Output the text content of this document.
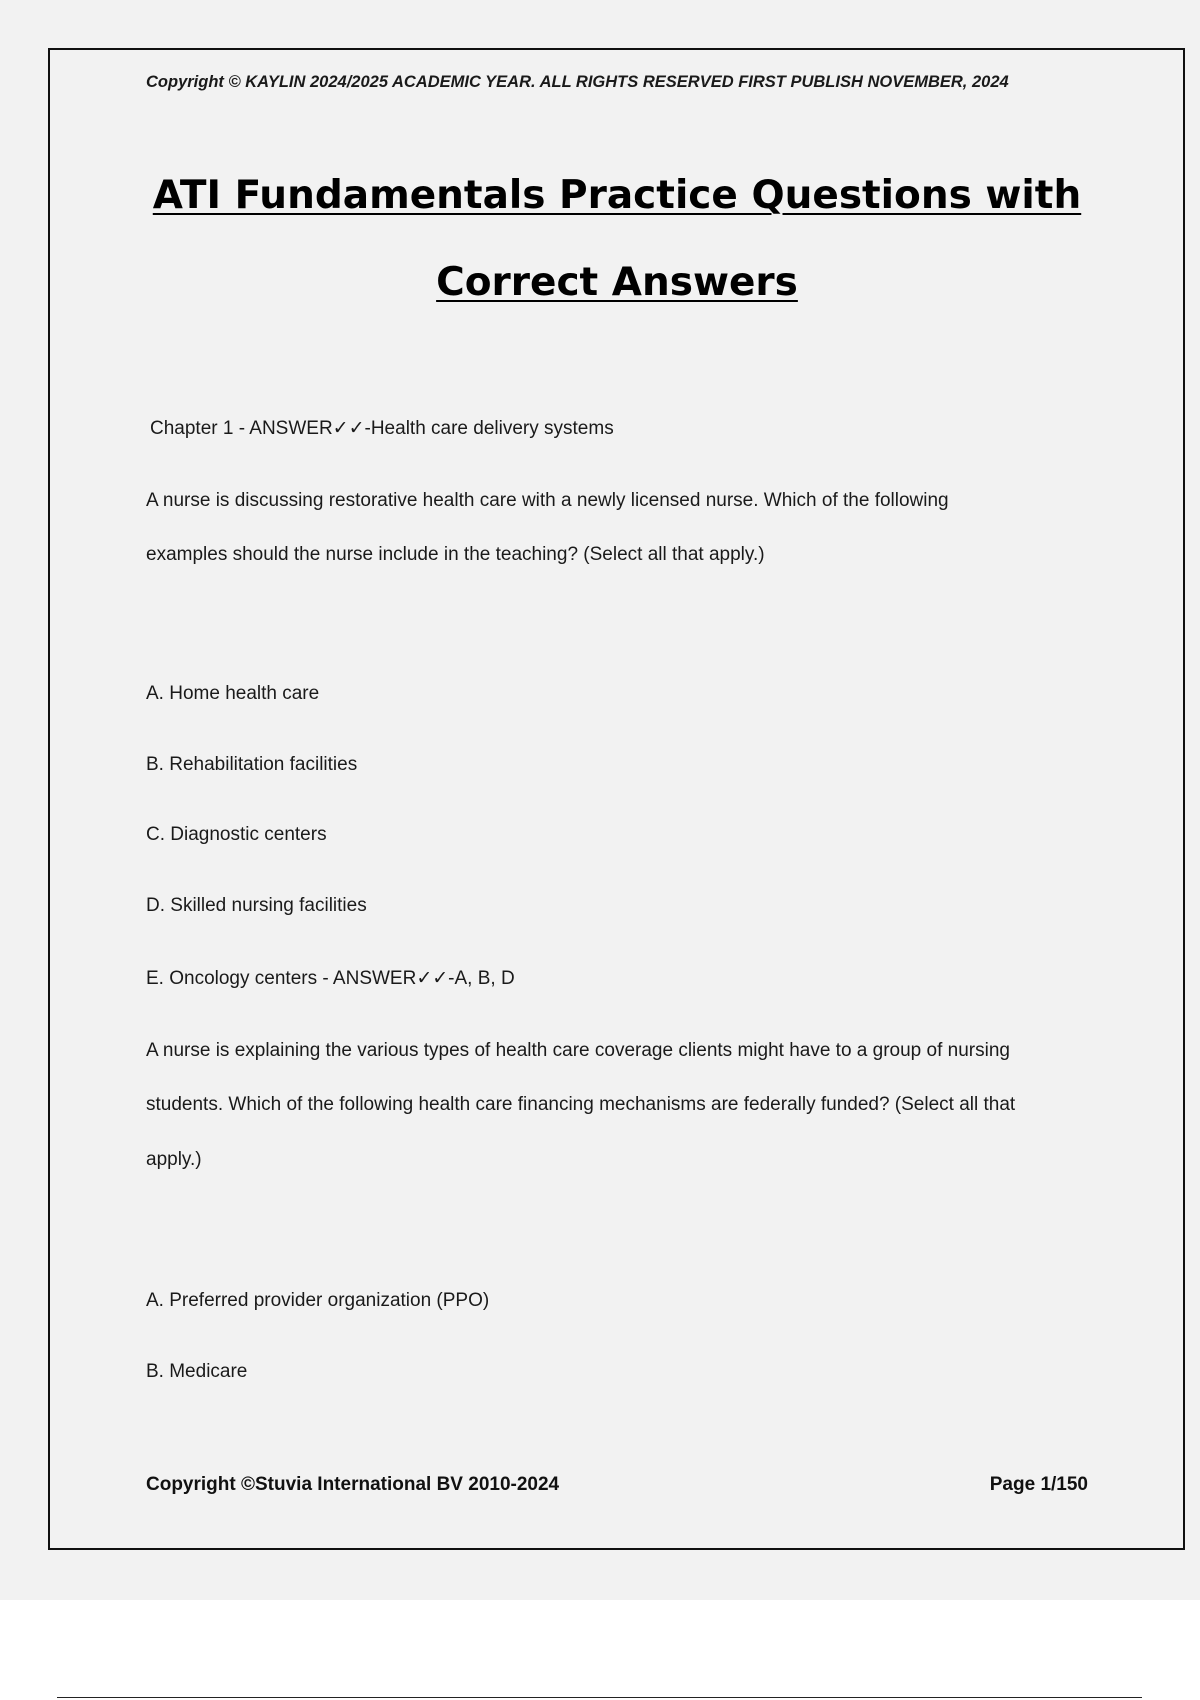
Copyright © KAYLIN 2024/2025 ACADEMIC YEAR. ALL RIGHTS RESERVED FIRST PUBLISH NOVEMBER, 2024
ATI Fundamentals Practice Questions with
Correct Answers
Chapter 1 - ANSWER✓✓-Health care delivery systems
A nurse is discussing restorative health care with a newly licensed nurse. Which of the following
examples should the nurse include in the teaching? (Select all that apply.)
A. Home health care
B. Rehabilitation facilities
C. Diagnostic centers
D. Skilled nursing facilities
E. Oncology centers - ANSWER✓✓-A, B, D
A nurse is explaining the various types of health care coverage clients might have to a group of nursing
students. Which of the following health care financing mechanisms are federally funded? (Select all that
apply.)
A. Preferred provider organization (PPO)
B. Medicare
Copyright ©Stuvia International BV 2010-2024	Page 1/150
